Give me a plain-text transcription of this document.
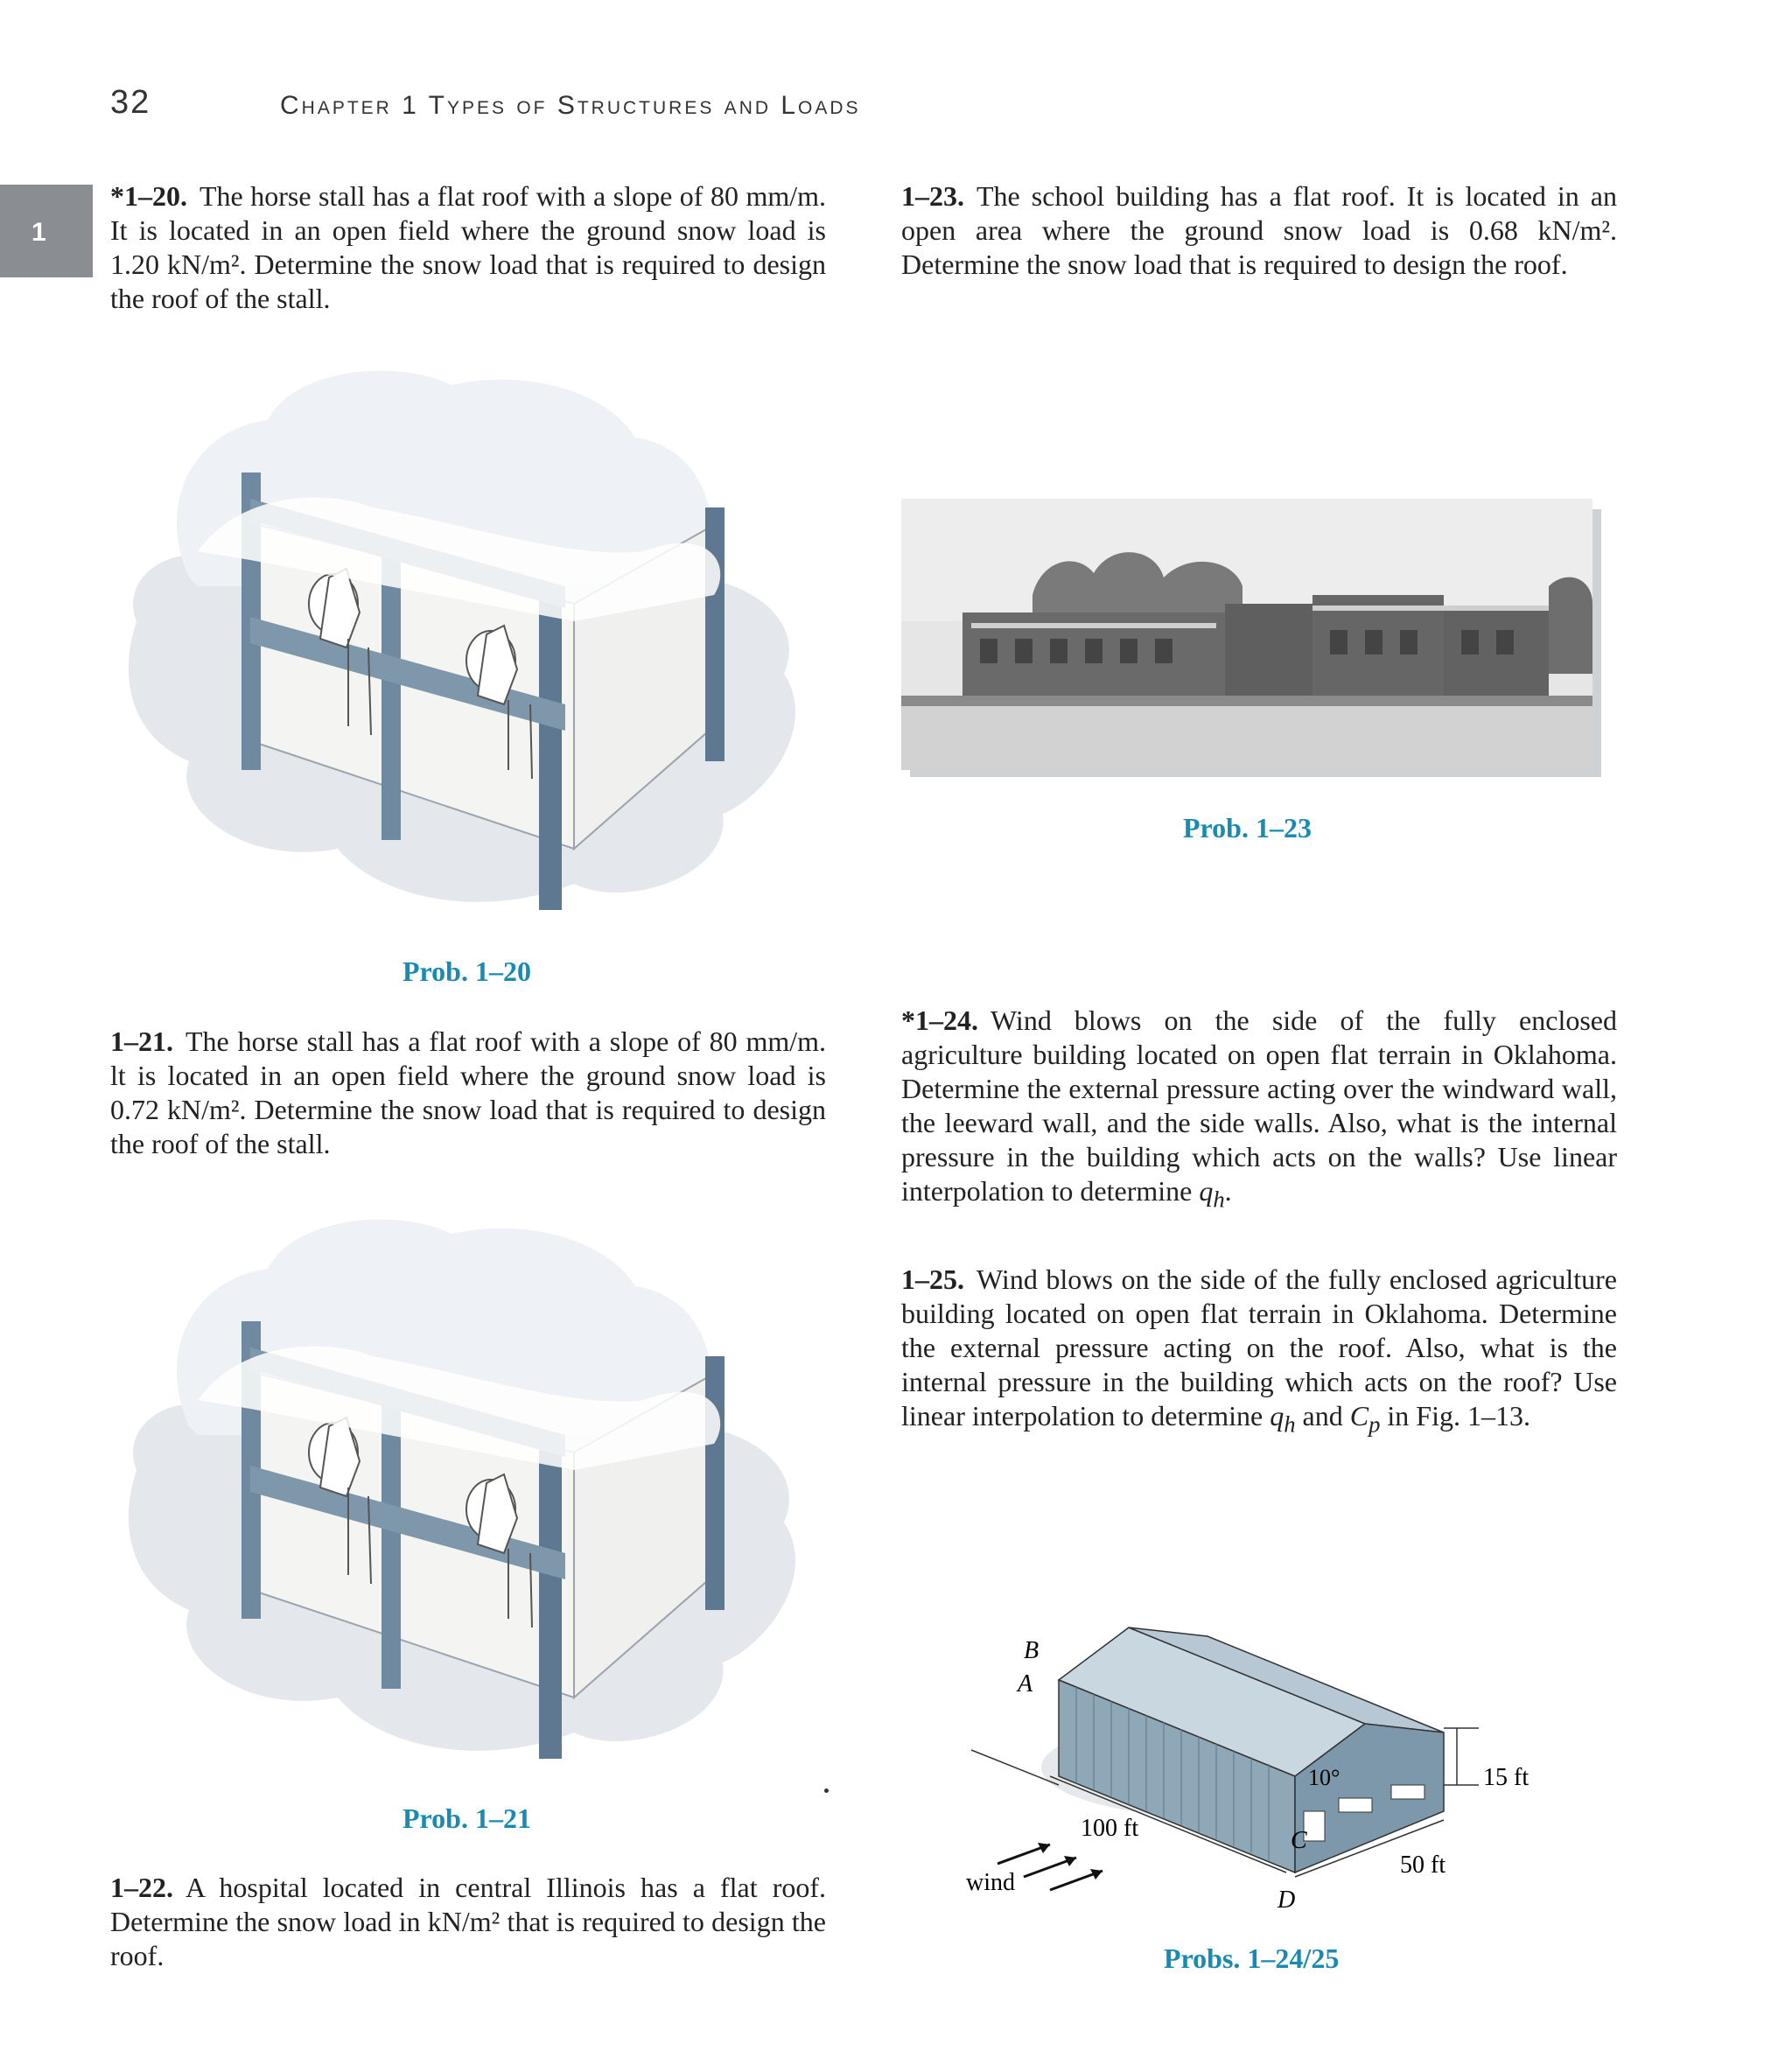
32	Chapter 1 Types of Structures and Loads
1
*1–20. The horse stall has a flat roof with a slope of 80 mm/m. It is located in an open field where the ground snow load is 1.20 kN/m². Determine the snow load that is required to design the roof of the stall.
Prob. 1–20
1–21. The horse stall has a flat roof with a slope of 80 mm/m. lt is located in an open field where the ground snow load is 0.72 kN/m². Determine the snow load that is required to design the roof of the stall.
Prob. 1–21
1–22. A hospital located in central Illinois has a flat roof. Determine the snow load in kN/m² that is required to design the roof.
1–23. The school building has a flat roof. It is located in an open area where the ground snow load is 0.68 kN/m². Determine the snow load that is required to design the roof.
Prob. 1–23
*1–24. Wind blows on the side of the fully enclosed agriculture building located on open flat terrain in Oklahoma. Determine the external pressure acting over the windward wall, the leeward wall, and the side walls. Also, what is the internal pressure in the building which acts on the walls? Use linear interpolation to determine $q_h$.
1–25. Wind blows on the side of the fully enclosed agriculture building located on open flat terrain in Oklahoma. Determine the external pressure acting on the roof. Also, what is the internal pressure in the building which acts on the roof? Use linear interpolation to determine $q_h$ and $C_p$ in Fig. 1–13.
B
A
C
D
10°	15 ft
100 ft
50 ft
wind
Probs. 1–24/25
